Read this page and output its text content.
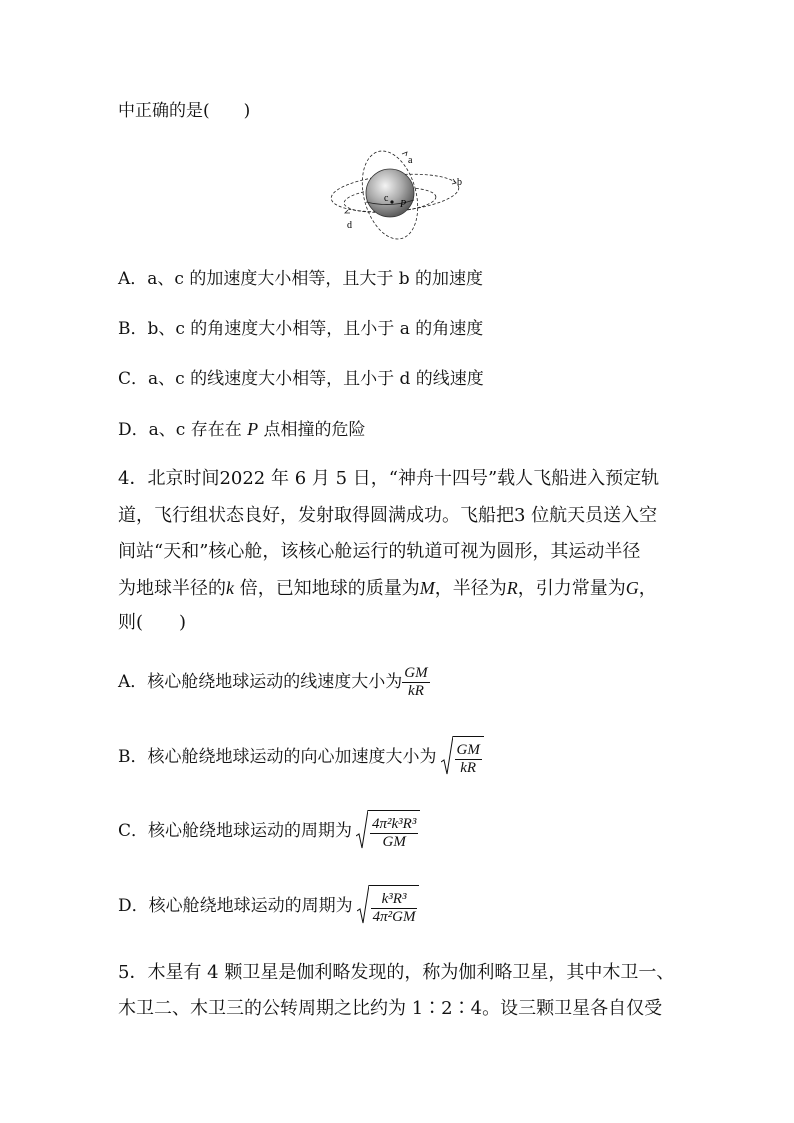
中正确的是(　　)
a
b
c
P
d
A．a、c 的加速度大小相等，且大于 b 的加速度
B．b、c 的角速度大小相等，且小于 a 的角速度
C．a、c 的线速度大小相等，且小于 d 的线速度
D．a、c 存在在 P 点相撞的危险
4．北京时间2022 年 6 月 5 日，“神舟十四号”载人飞船进入预定轨
道，飞行组状态良好，发射取得圆满成功。飞船把3 位航天员送入空
间站“天和”核心舱，该核心舱运行的轨道可视为圆形，其运动半径
为地球半径的k 倍，已知地球的质量为M，半径为R，引力常量为G，
则(　　)
A．核心舱绕地球运动的线速度大小为 $\frac{GM}{kR}$
B．核心舱绕地球运动的向心加速度大小为 $\frac{GM}{kR}$
C．核心舱绕地球运动的周期为 $\frac{\text{4π²k³R³}}{GM}$
D．核心舱绕地球运动的周期为 $\frac{\text{k³R³}}{\text{4π²GM}}$
5．木星有 4 颗卫星是伽利略发现的，称为伽利略卫星，其中木卫一、
木卫二、木卫三的公转周期之比约为 1∶2∶4。设三颗卫星各自仅受
